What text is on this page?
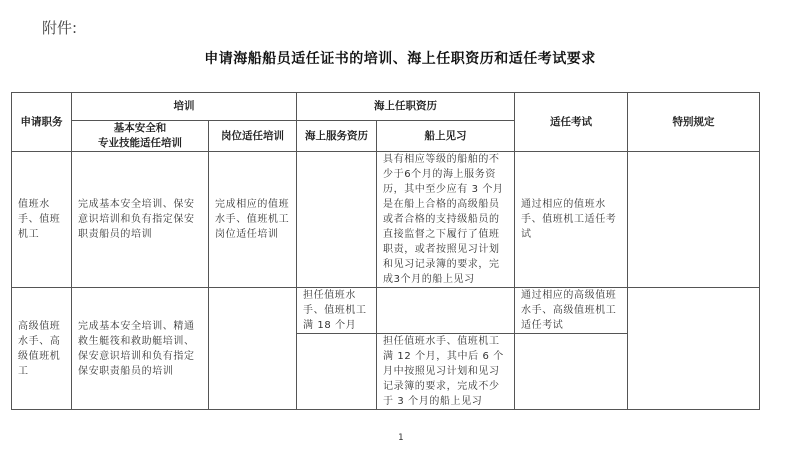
附件:
申请海船船员适任证书的培训、海上任职资历和适任考试要求
申请职务	培训		海上任职资历		适任考试	特别规定

	基本安全和
专业技能适任培训	岗位适任培训	海上服务资历	船上见习		
值班水手、值班机工	完成基本安全培训、保安意识培训和负有指定保安职责船员的培训	完成相应的值班水手、值班机工岗位适任培训		具有相应等级的船舶的不少于6个月的海上服务资历，其中至少应有 3 个月是在船上合格的高级船员或者合格的支持级船员的直接监督之下履行了值班职责，或者按照见习计划和见习记录簿的要求，完成3个月的船上见习	通过相应的值班水手、值班机工适任考试	
高级值班水手、高级值班机工	完成基本安全培训、精通救生艇筏和救助艇培训、保安意识培训和负有指定保安职责船员的培训		担任值班水手、值班机工满 18 个月		通过相应的高级值班水手、高级值班机工适任考试	
				担任值班水手、值班机工满 12 个月，其中后 6 个月中按照见习计划和见习记录簿的要求，完成不少于 3 个月的船上见习		
1
